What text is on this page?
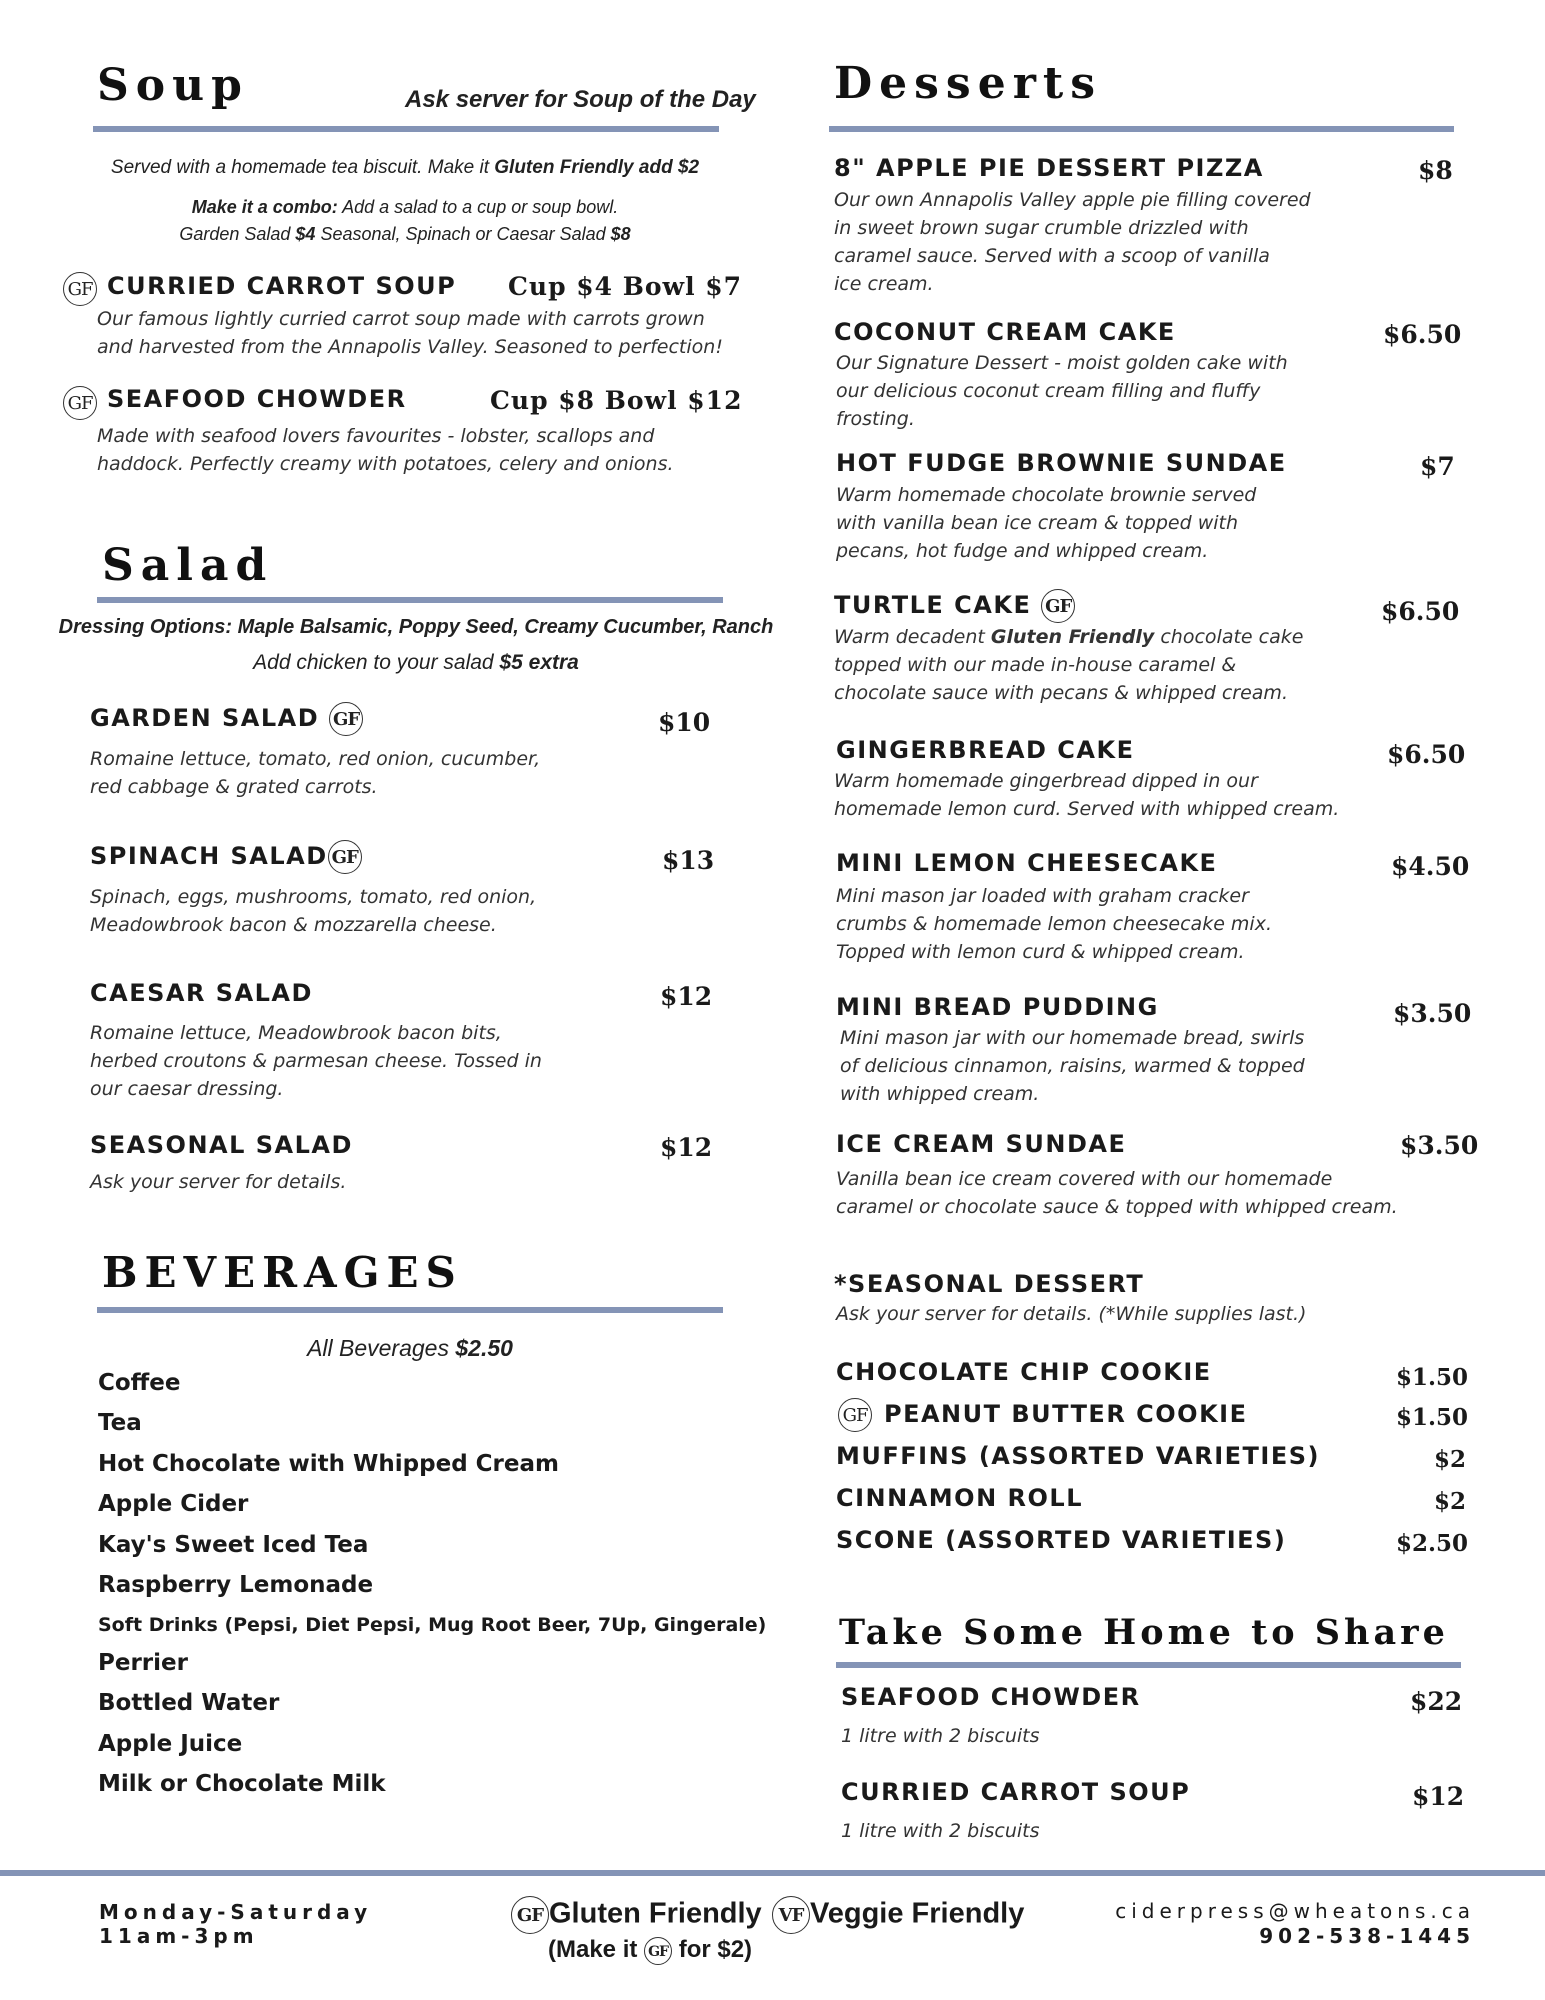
Soup	Ask server for Soup of the Day
Served with a homemade tea biscuit. Make it Gluten Friendly add $2
Make it a combo: Add a salad to a cup or soup bowl.
Garden Salad $4 Seasonal, Spinach or Caesar Salad $8
GF CURRIED CARROT SOUP Cup $4 Bowl $7
Our famous lightly curried carrot soup made with carrots grown
and harvested from the Annapolis Valley. Seasoned to perfection!
GF SEAFOOD CHOWDER	Cup $8 Bowl $12
Made with seafood lovers favourites - lobster, scallops and
haddock. Perfectly creamy with potatoes, celery and onions.
Salad
Dressing Options: Maple Balsamic, Poppy Seed, Creamy Cucumber, Ranch
Add chicken to your salad $5 extra
GARDEN SALAD GF	$10
Romaine lettuce, tomato, red onion, cucumber,
red cabbage & grated carrots.
SPINACH SALAD GF	$13
Spinach, eggs, mushrooms, tomato, red onion,
Meadowbrook bacon & mozzarella cheese.
CAESAR SALAD	$12
Romaine lettuce, Meadowbrook bacon bits,
herbed croutons & parmesan cheese. Tossed in
our caesar dressing.
SEASONAL SALAD	$12
Ask your server for details.
BEVERAGES
All Beverages $2.50
Coffee
Tea
Hot Chocolate with Whipped Cream
Apple Cider
Kay's Sweet Iced Tea
Raspberry Lemonade
Soft Drinks (Pepsi, Diet Pepsi, Mug Root Beer, 7Up, Gingerale)
Perrier
Bottled Water
Apple Juice
Milk or Chocolate Milk
Desserts
8" APPLE PIE DESSERT PIZZA	$8
Our own Annapolis Valley apple pie filling covered
in sweet brown sugar crumble drizzled with
caramel sauce. Served with a scoop of vanilla
ice cream.
COCONUT CREAM CAKE	$6.50
Our Signature Dessert - moist golden cake with
our delicious coconut cream filling and fluffy
frosting.
HOT FUDGE BROWNIE SUNDAE	$7
Warm homemade chocolate brownie served
with vanilla bean ice cream & topped with
pecans, hot fudge and whipped cream.
TURTLE CAKE GF	$6.50
Warm decadent Gluten Friendly chocolate cake
topped with our made in-house caramel &
chocolate sauce with pecans & whipped cream.
GINGERBREAD CAKE	$6.50
Warm homemade gingerbread dipped in our
homemade lemon curd. Served with whipped cream.
MINI LEMON CHEESECAKE	$4.50
Mini mason jar loaded with graham cracker
crumbs & homemade lemon cheesecake mix.
Topped with lemon curd & whipped cream.
MINI BREAD PUDDING	$3.50
Mini mason jar with our homemade bread, swirls
of delicious cinnamon, raisins, warmed & topped
with whipped cream.
ICE CREAM SUNDAE	$3.50
Vanilla bean ice cream covered with our homemade
caramel or chocolate sauce & topped with whipped cream.
*SEASONAL DESSERT
Ask your server for details. (*While supplies last.)
CHOCOLATE CHIP COOKIE	$1.50
GF PEANUT BUTTER COOKIE	$1.50
MUFFINS (ASSORTED VARIETIES)	$2
CINNAMON ROLL	$2
SCONE (ASSORTED VARIETIES)	$2.50
Take Some Home to Share
SEAFOOD CHOWDER	$22
1 litre with 2 biscuits
CURRIED CARROT SOUP	$12
1 litre with 2 biscuits
Monday-Saturday
11am-3pm
GF Gluten Friendly VF Veggie Friendly
(Make it GF for $2)
ciderpress@wheatons.ca
902-538-1445
